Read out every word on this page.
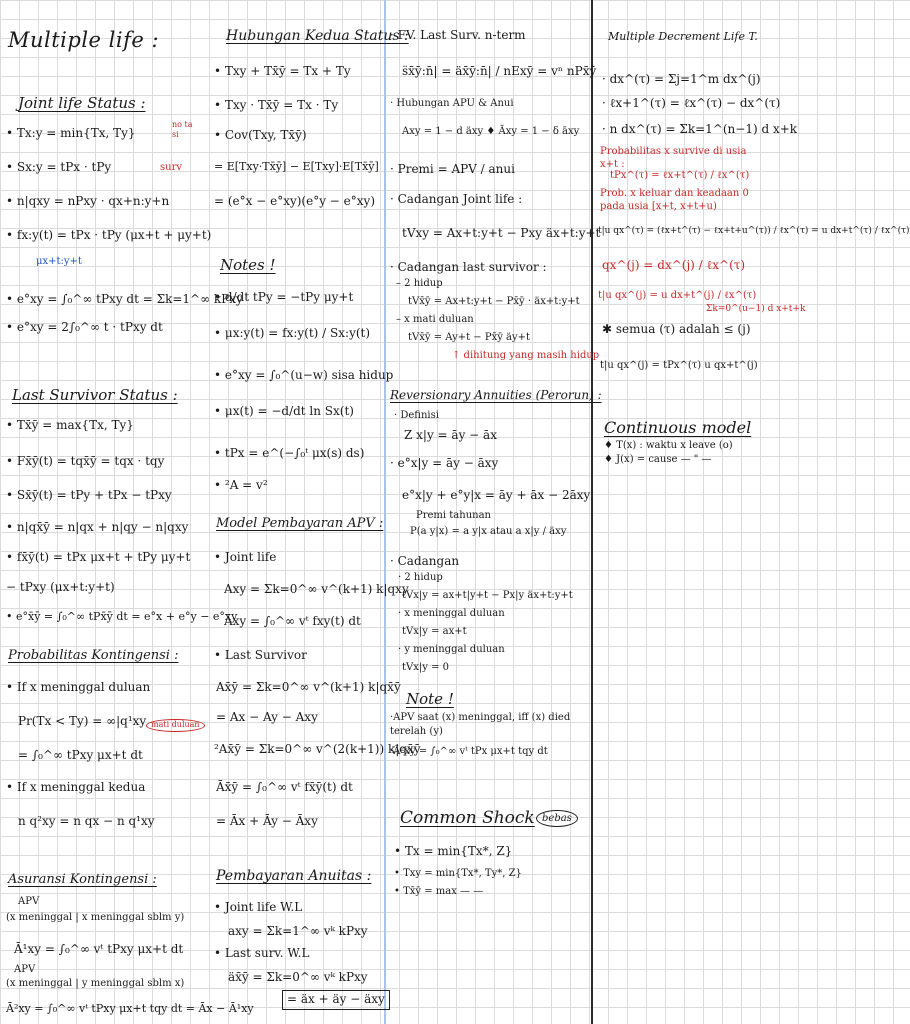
Multiple life :
Joint life Status :
• Tx:y = min{Tx, Ty}
no ta si
• Sx:y = tPx · tPy	surv
• n|qxy = nPxy · qx+n:y+n
• fx:y(t) = tPx · tPy (μx+t + μy+t)
μx+t:y+t
• e°xy = ∫₀^∞ tPxy dt = Σk=1^∞ kPxy
• e°xy = 2∫₀^∞ t · tPxy dt
Last Survivor Status :
• Tx̄ȳ = max{Tx, Ty}
• Fx̄ȳ(t) = tqx̄ȳ = tqx · tqy
• Sx̄ȳ(t) = tPy + tPx − tPxy
• n|qx̄ȳ = n|qx + n|qy − n|qxy
• fx̄ȳ(t) = tPx μx+t + tPy μy+t
− tPxy (μx+t:y+t)
• e°x̄ȳ = ∫₀^∞ tPx̄ȳ dt = e°x + e°y − e°xy
Probabilitas Kontingensi :
• If x meninggal duluan
Pr(Tx < Ty) = ∞|q¹xy mati duluan
= ∫₀^∞ tPxy μx+t dt
• If x meninggal kedua
n q²xy = n qx − n q¹xy
Asuransi Kontingensi :
APV
(x meninggal | x meninggal sblm y)
Ā¹xy = ∫₀^∞ vᵗ tPxy μx+t dt
APV
(x meninggal | y meninggal sblm x)
Ā²xy = ∫₀^∞ vᵗ tPxy μx+t tqy dt = Āx − Ā¹xy
Hubungan Kedua Status :
• Txy + Tx̄ȳ = Tx + Ty
• Txy · Tx̄ȳ = Tx · Ty
• Cov(Txy, Tx̄ȳ)
= E[Txy·Tx̄ȳ] − E[Txy]·E[Tx̄ȳ]
= (e°x − e°xy)(e°y − e°xy)
Notes !
• d/dt tPy = −tPy μy+t
• μx:y(t) = fx:y(t) / Sx:y(t)
• e°xy = ∫₀^(u−w) sisa hidup
• μx(t) = −d/dt ln Sx(t)
• tPx = e^(−∫₀ᵗ μx(s) ds)
• ²A = v²
Model Pembayaran APV :
• Joint life
Axy = Σk=0^∞ v^(k+1) k|qxy
Āxy = ∫₀^∞ vᵗ fxy(t) dt
• Last Survivor
Ax̄ȳ = Σk=0^∞ v^(k+1) k|qx̄ȳ
= Ax − Ay − Axy
²Ax̄ȳ = Σk=0^∞ v^(2(k+1)) k|qx̄ȳ
Āx̄ȳ = ∫₀^∞ vᵗ fx̄ȳ(t) dt
= Āx + Āy − Āxy
Pembayaran Anuitas :
• Joint life W.L
axy = Σk=1^∞ vᵏ kPxy
• Last surv. W.L
äx̄ȳ = Σk=0^∞ vᵏ kPxy
= äx + äy − äxy
· FV. Last Surv. n-term
s̈x̄ȳ:n̄| = äx̄ȳ:n̄| / nExȳ = vⁿ nPx̄ȳ
· Hubungan APU & Anui
Axy = 1 − d äxy ♦ Āxy = 1 − δ āxy
· Premi = APV / anui
· Cadangan Joint life :
tVxy = Ax+t:y+t − Pxy äx+t:y+t
· Cadangan last survivor :
– 2 hidup
tVx̄ȳ = Ax+t:y+t − Px̄ȳ · äx+t:y+t
– x mati duluan
tVx̄ȳ = Ay+t − Px̄ȳ äy+t
↑ dihitung yang masih hidup
Reversionary Annuities (Perorun) :
· Definisi
Z x|y = āy − āx
· e°x|y = āy − āxy
e°x|y + e°y|x = āy + āx − 2āxy
Premi tahunan
P(a y|x) = a y|x atau a x|y / äxy
· Cadangan
· 2 hidup
tVx|y = ax+t|y+t − Px|y äx+t:y+t
· x meninggal duluan
tVx|y = ax+t
· y meninggal duluan
tVx|y = 0
Note !
·APV saat (x) meninggal, iff (x) died
terelah (y)
·Ā²xy = ∫₀^∞ vᵗ tPx μx+t tqy dt
Common Shock bebas
• Tx = min{Tx*, Z}
• Txy = min{Tx*, Ty*, Z}
• Tx̄ȳ = max — —
Multiple Decrement Life T.
· dx^(τ) = Σj=1^m dx^(j)
· ℓx+1^(τ) = ℓx^(τ) − dx^(τ)
· n dx^(τ) = Σk=1^(n−1) d x+k
Probabilitas x survive di usia x+t :
tPx^(τ) = ℓx+t^(τ) / ℓx^(τ)
Prob. x keluar dan keadaan 0 pada usia [x+t, x+t+u)
t|u qx^(τ) = (ℓx+t^(τ) − ℓx+t+u^(τ)) / ℓx^(τ) = u dx+t^(τ) / ℓx^(τ)
qx^(j) = dx^(j) / ℓx^(τ)
t|u qx^(j) = u dx+t^(j) / ℓx^(τ)
Σk=0^(u−1) d x+t+k
✱ semua (τ) adalah ≤ (j)
t|u qx^(j) = tPx^(τ) u qx+t^(j)
Continuous model
♦ T(x) : waktu x leave (o)
♦ J(x) = cause — " —
